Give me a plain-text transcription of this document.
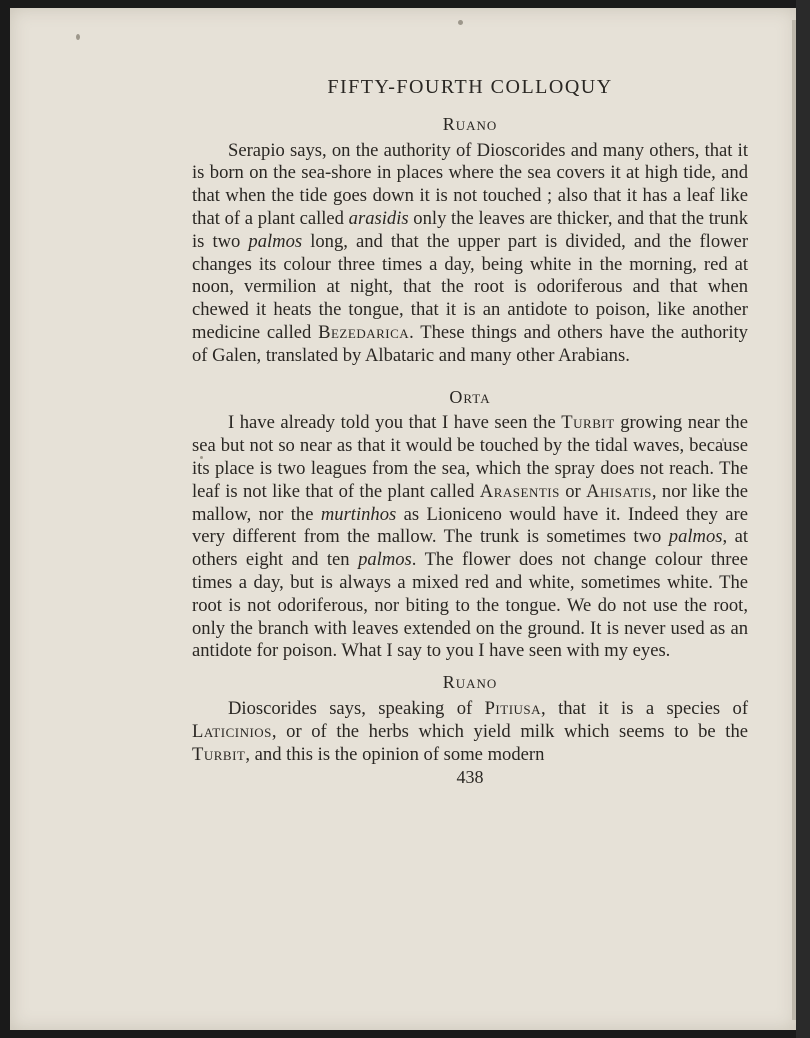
FIFTY-FOURTH COLLOQUY
Ruano

Serapio says, on the authority of Dioscorides and many others, that it is born on the sea-shore in places where the sea covers it at high tide, and that when the tide goes down it is not touched ; also that it has a leaf like that of a plant called arasidis only the leaves are thicker, and that the trunk is two palmos long, and that the upper part is divided, and the flower changes its colour three times a day, being white in the morning, red at noon, vermilion at night, that the root is odoriferous and that when chewed it heats the tongue, that it is an antidote to poison, like another medicine called Bezedarica. These things and others have the authority of Galen, translated by Albataric and many other Arabians.

Orta

I have already told you that I have seen the Turbit growing near the sea but not so near as that it would be touched by the tidal waves, because its place is two leagues from the sea, which the spray does not reach. The leaf is not like that of the plant called Arasentis or Ahisatis, nor like the mallow, nor the murtinhos as Lioniceno would have it. Indeed they are very different from the mallow. The trunk is sometimes two palmos, at others eight and ten palmos. The flower does not change colour three times a day, but is always a mixed red and white, sometimes white. The root is not odoriferous, nor biting to the tongue. We do not use the root, only the branch with leaves extended on the ground. It is never used as an antidote for poison. What I say to you I have seen with my eyes.

Ruano

Dioscorides says, speaking of Pitiusa, that it is a species of Laticinios, or of the herbs which yield milk which seems to be the Turbit, and this is the opinion of some modern

438
